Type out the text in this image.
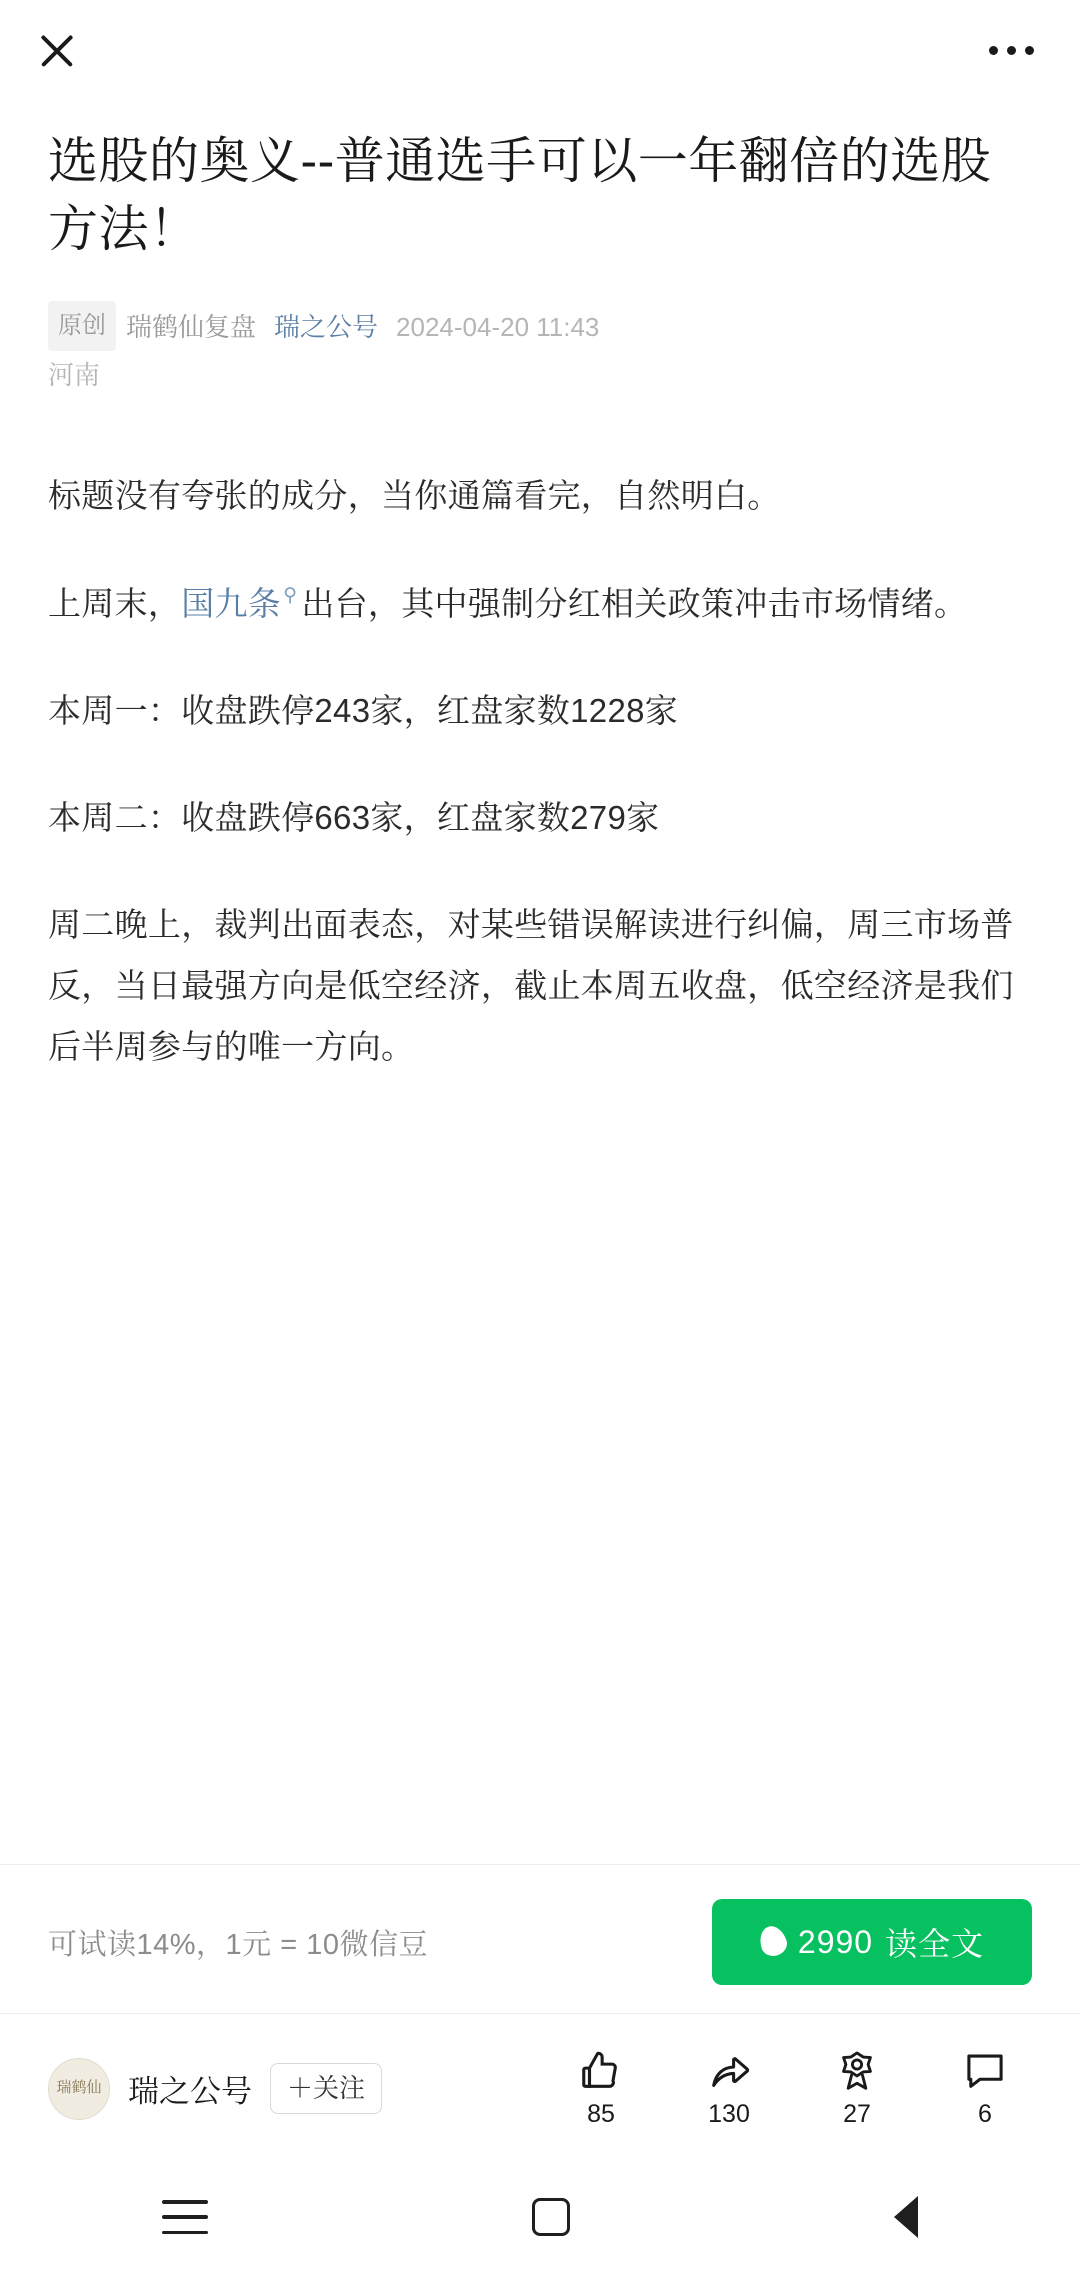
选股的奥义--普通选手可以一年翻倍的选股方法！
原创 瑞鹤仙复盘 瑞之公号 2024-04-20 11:43
河南

标题没有夸张的成分，当你通篇看完，自然明白。

上周末，国九条 ⚲ 出台，其中强制分红相关政策冲击市场情绪。

本周一：收盘跌停243家，红盘家数1228家

本周二：收盘跌停663家，红盘家数279家

周二晚上，裁判出面表态，对某些错误解读进行纠偏，周三市场普反，当日最强方向是低空经济，截止本周五收盘，低空经济是我们后半周参与的唯一方向。

可试读14%，1元 = 10微信豆	2990 读全文
瑞鹤仙 瑞之公号	＋关注
85	130	27	6
